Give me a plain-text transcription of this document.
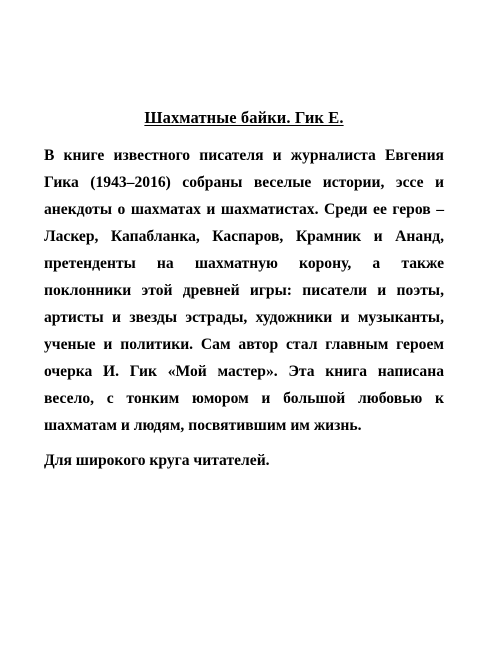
Шахматные байки. Гик Е.

В книге известного писателя и журналиста Евгения Гика (1943–2016) собраны веселые истории, эссе и анекдоты о шахматах и шахматистах. Среди ее геров – Ласкер, Капабланка, Каспаров, Крамник и Ананд, претенденты на шахматную корону, а также поклонники этой древней игры: писатели и поэты, артисты и звезды эстрады, художники и музыканты, ученые и политики. Сам автор стал главным героем очерка И. Гик «Мой мастер». Эта книга написана весело, с тонким юмором и большой любовью к шахматам и людям, посвятившим им жизнь.

Для широкого круга читателей.
